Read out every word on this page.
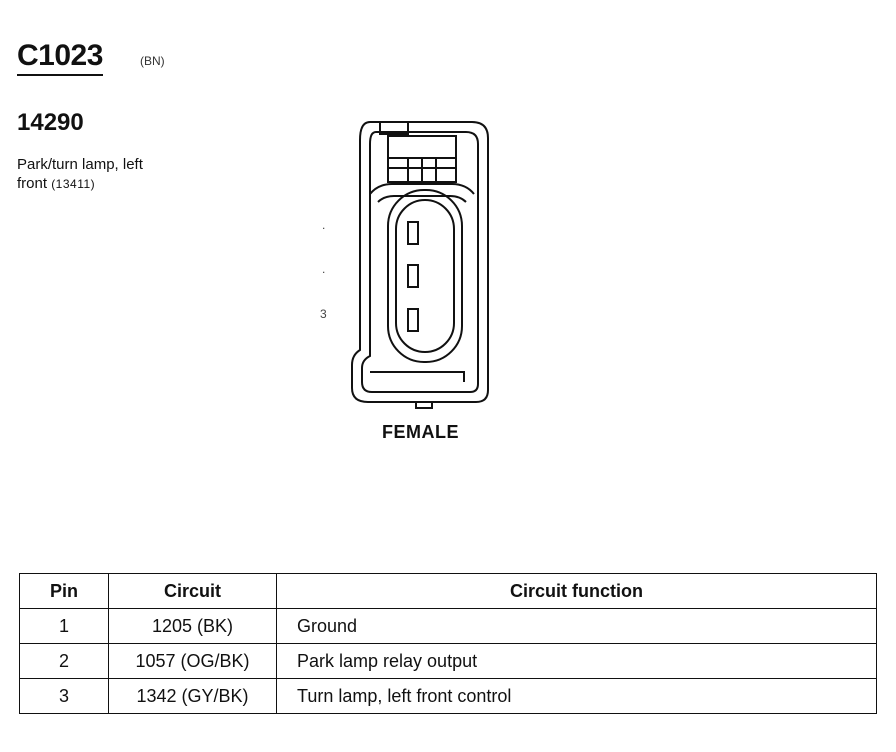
C1023	(BN)
14290
Park/turn lamp, left
front (13411)
.
.
3
FEMALE
Pin	Circuit	Circuit function
1	1205 (BK)	Ground
2	1057 (OG/BK)	Park lamp relay output
3	1342 (GY/BK)	Turn lamp, left front control
